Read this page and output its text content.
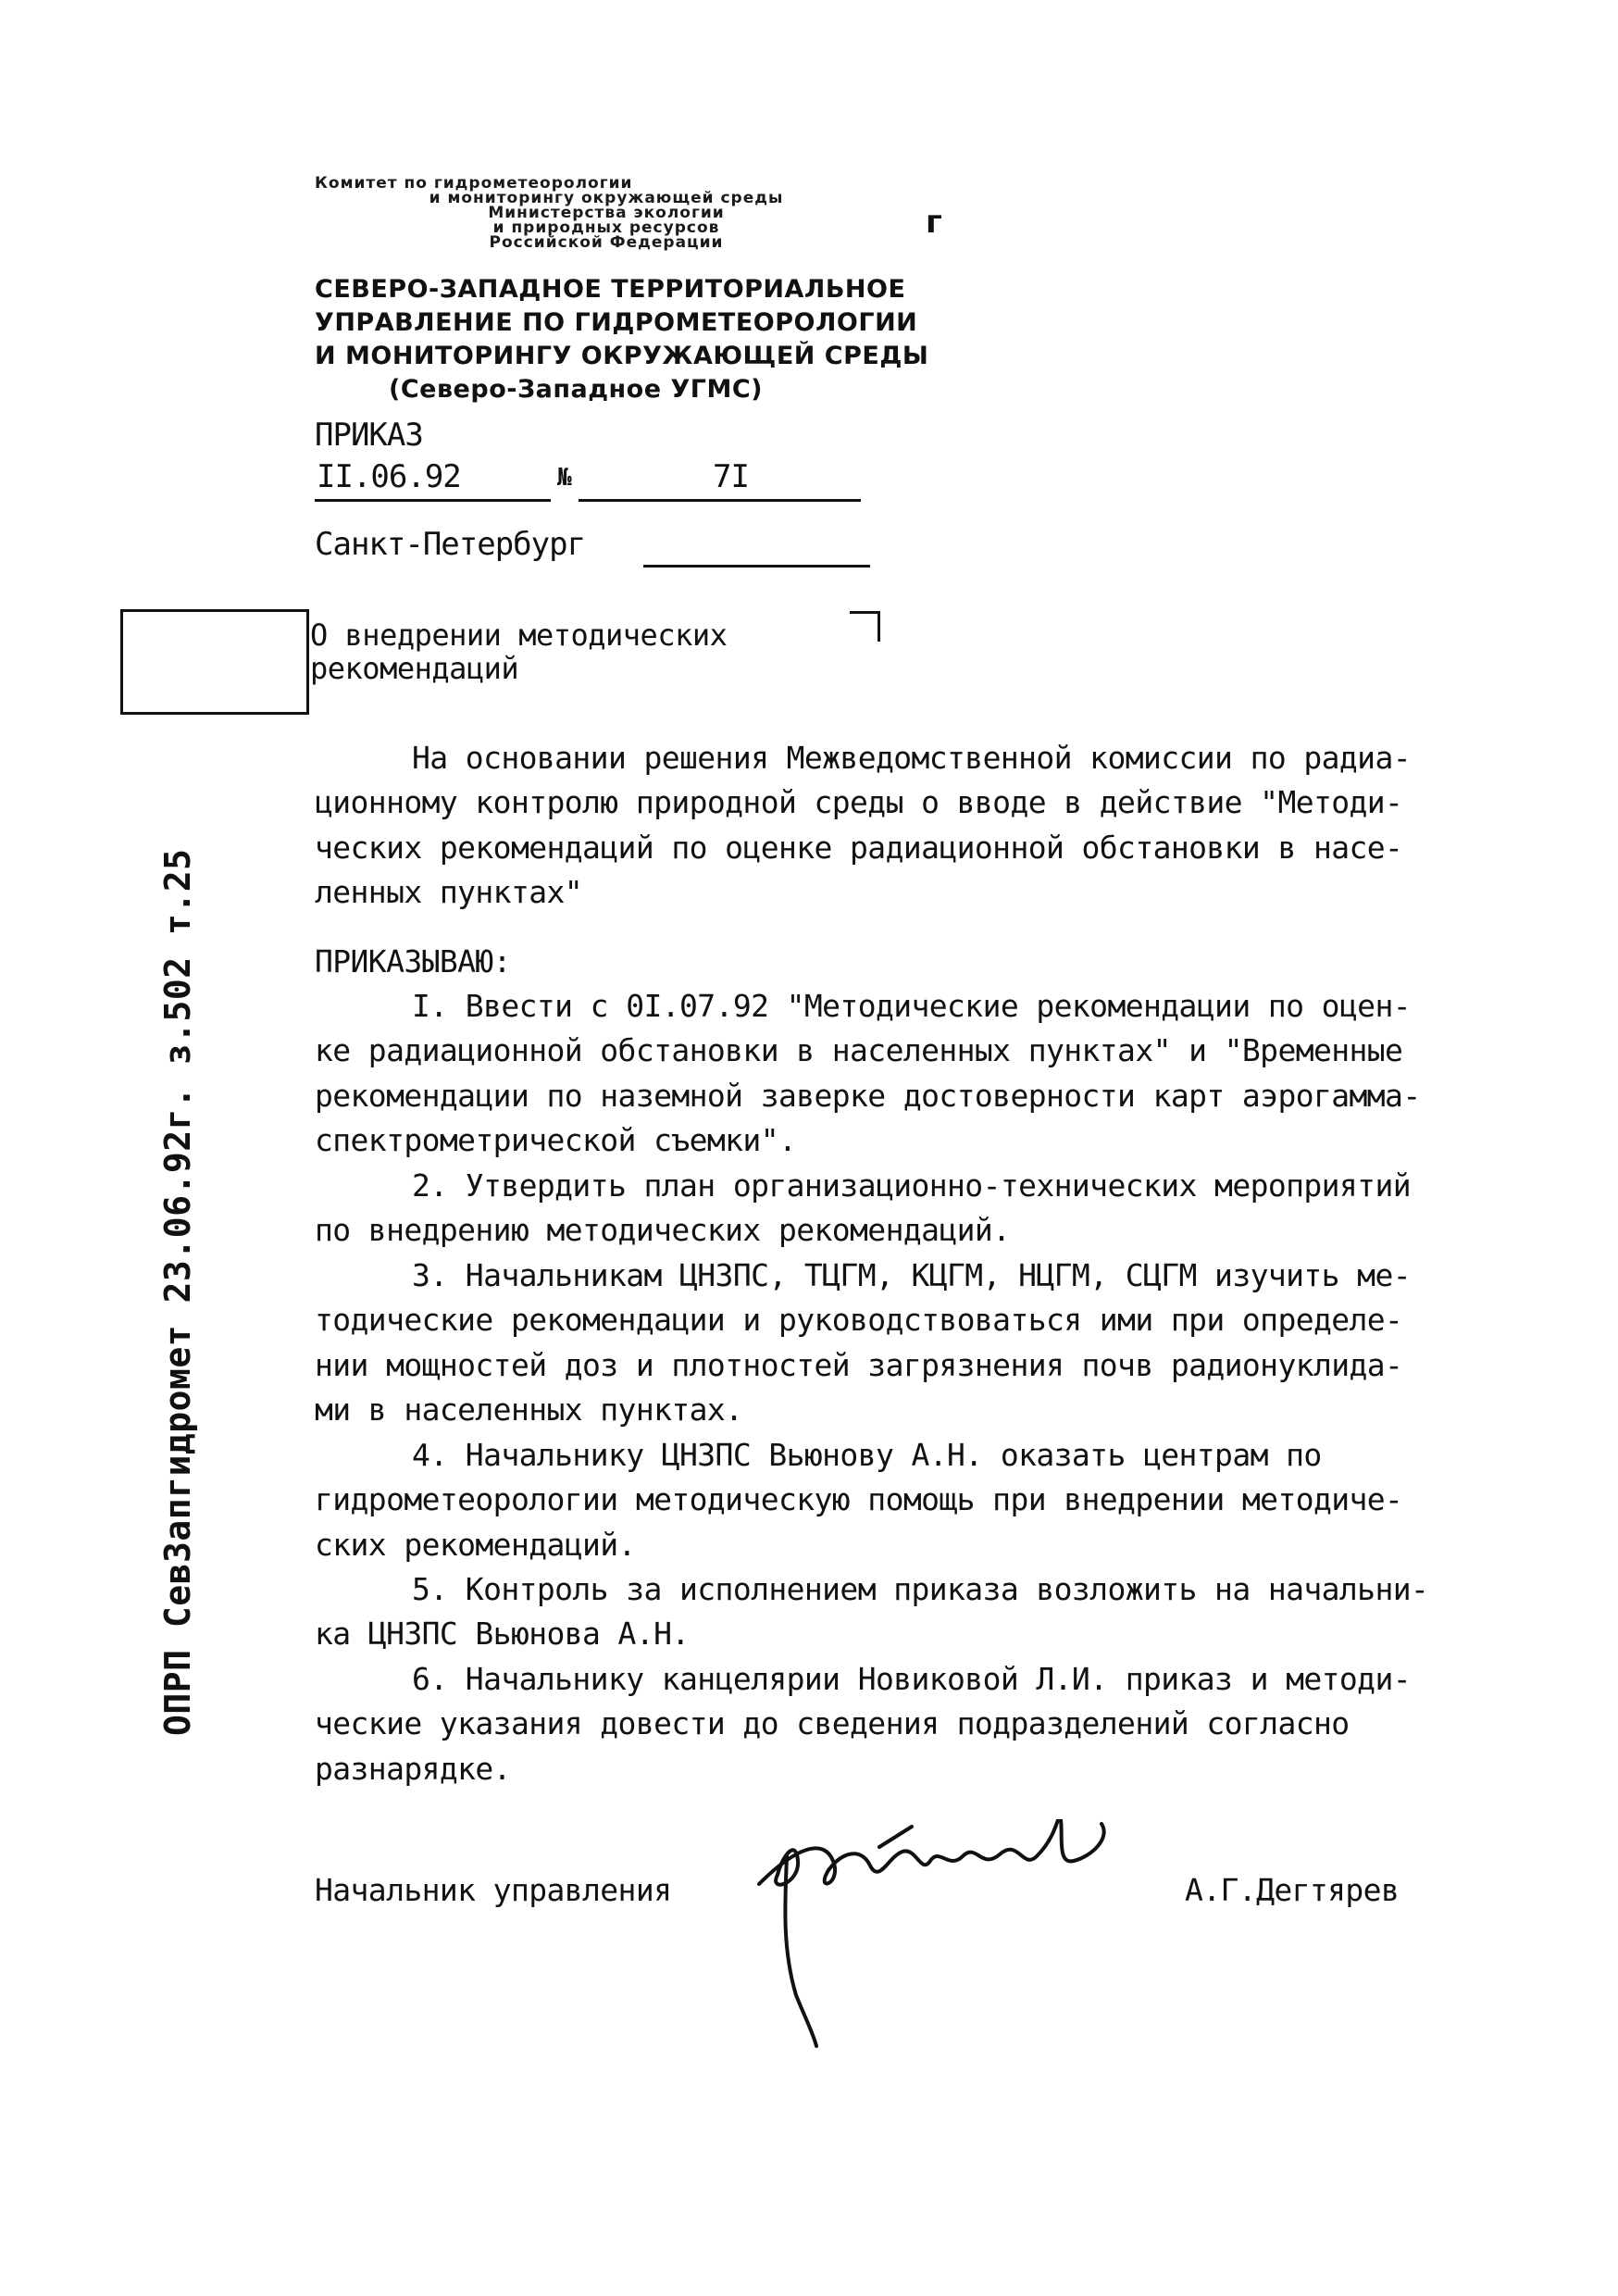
Комитет по гидрометеорологии
и мониторингу окружающей среды
Министерства экологии
и природных ресурсов
Российской Федерации
г
СЕВЕРО-ЗАПАДНОЕ ТЕРРИТОРИАЛЬНОЕ
УПРАВЛЕНИЕ ПО ГИДРОМЕТЕОРОЛОГИИ
И МОНИТОРИНГУ ОКРУЖАЮЩЕЙ СРЕДЫ
(Северо-Западное УГМС)
ПРИКАЗ
II.06.92	№	7I
Санкт-Петербург
О внедрении методических
рекомендаций
На основании решения Межведомственной комиссии по радиа-
ционному контролю природной среды о вводе в действие "Методи-
ческих рекомендаций по оценке радиационной обстановки в насе-
ленных пунктах"
ПРИКАЗЫВАЮ:
I. Ввести с 0I.07.92 "Методические рекомендации по оцен-
ке радиационной обстановки в населенных пунктах" и "Временные
рекомендации по наземной заверке достоверности карт аэрогамма-
спектрометрической съемки".
2. Утвердить план организационно-технических мероприятий
по внедрению методических рекомендаций.
3. Начальникам ЦНЗПС, ТЦГМ, КЦГМ, НЦГМ, СЦГМ изучить ме-
тодические рекомендации и руководствоваться ими при определе-
нии мощностей доз и плотностей загрязнения почв радионуклида-
ми в населенных пунктах.
4. Начальнику ЦНЗПС Вьюнову А.Н. оказать центрам по
гидрометеорологии методическую помощь при внедрении методиче-
ских рекомендаций.
5. Контроль за исполнением приказа возложить на начальни-
ка ЦНЗПС Вьюнова А.Н.
6. Начальнику канцелярии Новиковой Л.И. приказ и методи-
ческие указания довести до сведения подразделений согласно
разнарядке.
Начальник управления	А.Г.Дегтярев
ОПРП СевЗапгидромет 23.06.92г. з.502 т.25
